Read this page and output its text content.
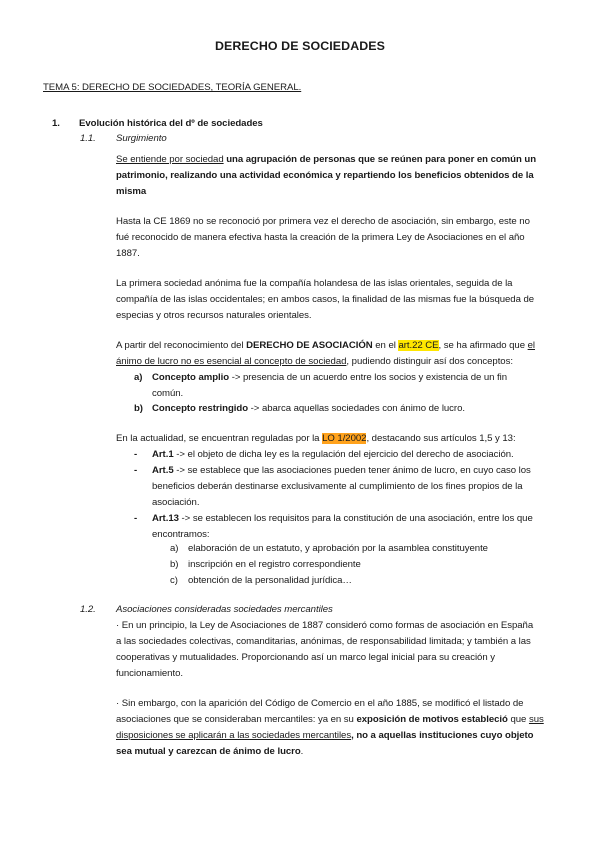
DERECHO DE SOCIEDADES
TEMA 5: DERECHO DE SOCIEDADES, TEORÍA GENERAL.
1. Evolución histórica del dº de sociedades
1.1. Surgimiento
Se entiende por sociedad una agrupación de personas que se reúnen para poner en común un
patrimonio, realizando una actividad económica y repartiendo los beneficios obtenidos de la
misma
Hasta la CE 1869 no se reconoció por primera vez el derecho de asociación, sin embargo, este no
fué reconocido de manera efectiva hasta la creación de la primera Ley de Asociaciones en el año
1887.
La primera sociedad anónima fue la compañía holandesa de las islas orientales, seguida de la
compañía de las islas occidentales; en ambos casos, la finalidad de las mismas fue la búsqueda de
especias y otros recursos naturales orientales.
A partir del reconocimiento del DERECHO DE ASOCIACIÓN en el art.22 CE, se ha afirmado que el
ánimo de lucro no es esencial al concepto de sociedad, pudiendo distinguir así dos conceptos:
a) Concepto amplio -> presencia de un acuerdo entre los socios y existencia de un fin
común.
b) Concepto restringido -> abarca aquellas sociedades con ánimo de lucro.
En la actualidad, se encuentran reguladas por la LO 1/2002, destacando sus artículos 1,5 y 13:
- Art.1 -> el objeto de dicha ley es la regulación del ejercicio del derecho de asociación.
- Art.5 -> se establece que las asociaciones pueden tener ánimo de lucro, en cuyo caso los
beneficios deberán destinarse exclusivamente al cumplimiento de los fines propios de la
asociación.
- Art.13 -> se establecen los requisitos para la constitución de una asociación, entre los que
encontramos:
a) elaboración de un estatuto, y aprobación por la asamblea constituyente
b) inscripción en el registro correspondiente
c) obtención de la personalidad jurídica…
1.2. Asociaciones consideradas sociedades mercantiles
· En un principio, la Ley de Asociaciones de 1887 consideró como formas de asociación en España
a las sociedades colectivas, comanditarias, anónimas, de responsabilidad limitada; y también a las
cooperativas y mutualidades. Proporcionando así un marco legal inicial para su creación y
funcionamiento.
· Sin embargo, con la aparición del Código de Comercio en el año 1885, se modificó el listado de
asociaciones que se consideraban mercantiles: ya en su exposición de motivos estableció que sus
disposiciones se aplicarán a las sociedades mercantiles, no a aquellas instituciones cuyo objeto
sea mutual y carezcan de ánimo de lucro.
